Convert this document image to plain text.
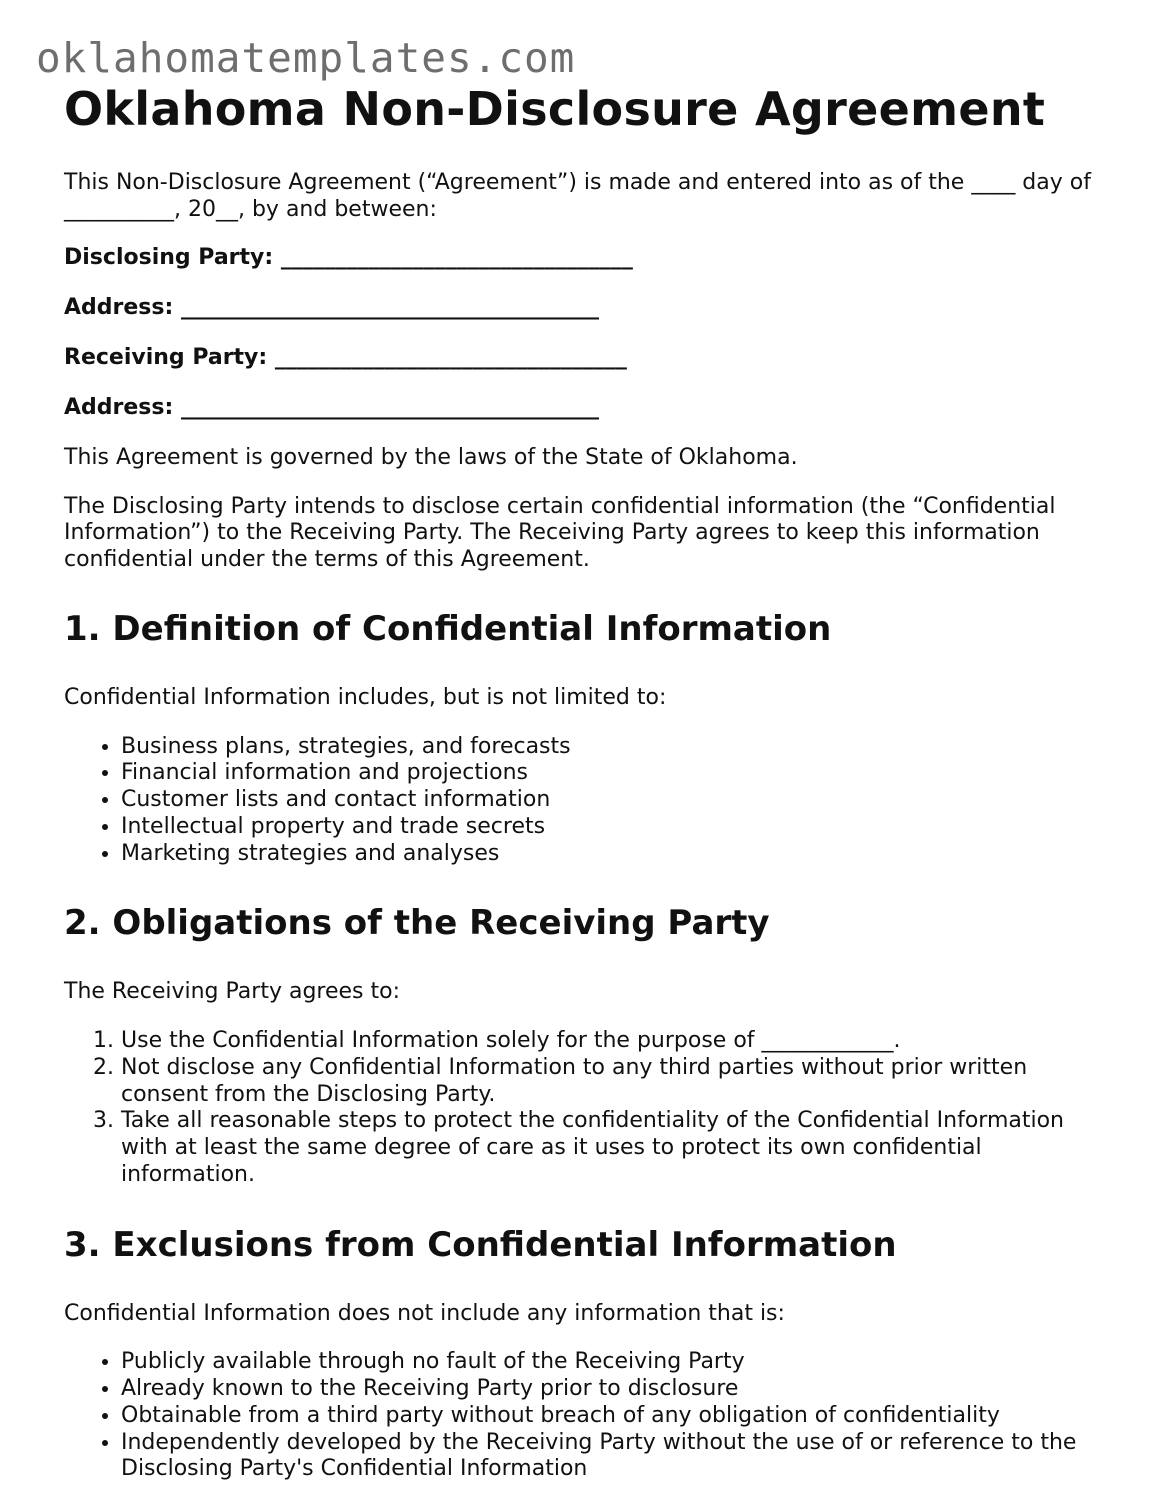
oklahomatemplates.com
Oklahoma Non-Disclosure Agreement

This Non-Disclosure Agreement (“Agreement”) is made and entered into as of the ____ day of __________, 20__, by and between:

Disclosing Party: ________________________________

Address: ______________________________________

Receiving Party: ________________________________

Address: ______________________________________

This Agreement is governed by the laws of the State of Oklahoma.

The Disclosing Party intends to disclose certain confidential information (the “Confidential Information”) to the Receiving Party. The Receiving Party agrees to keep this information confidential under the terms of this Agreement.

1. Definition of Confidential Information

Confidential Information includes, but is not limited to:

• Business plans, strategies, and forecasts
• Financial information and projections
• Customer lists and contact information
• Intellectual property and trade secrets
• Marketing strategies and analyses
2. Obligations of the Receiving Party

The Receiving Party agrees to:

1. Use the Confidential Information solely for the purpose of ____________.
2. Not disclose any Confidential Information to any third parties without prior written consent from the Disclosing Party.
3. Take all reasonable steps to protect the confidentiality of the Confidential Information with at least the same degree of care as it uses to protect its own confidential information.
3. Exclusions from Confidential Information

Confidential Information does not include any information that is:

• Publicly available through no fault of the Receiving Party
• Already known to the Receiving Party prior to disclosure
• Obtainable from a third party without breach of any obligation of confidentiality
• Independently developed by the Receiving Party without the use of or reference to the Disclosing Party's Confidential Information
